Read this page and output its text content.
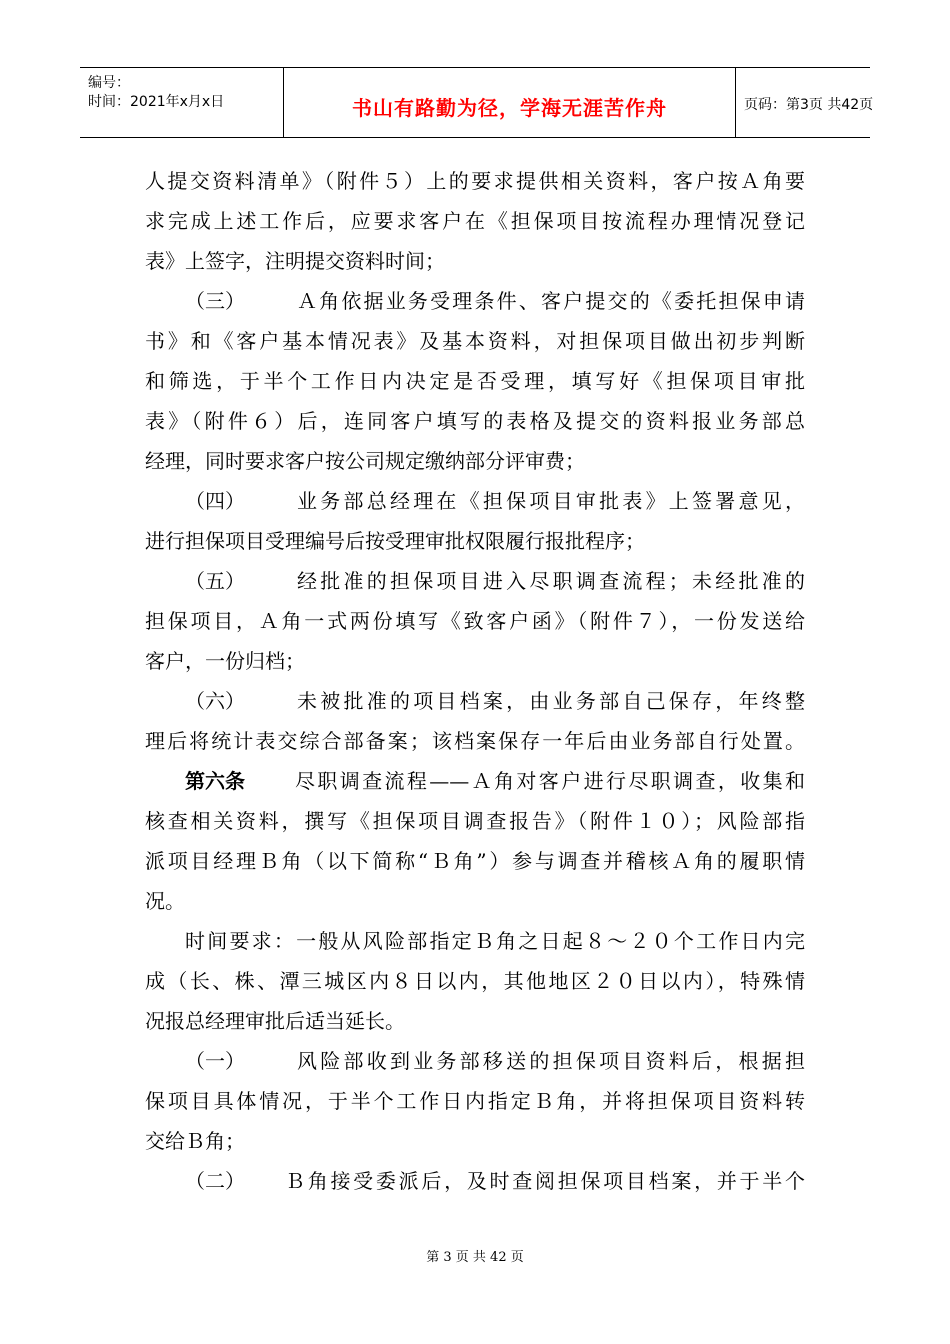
编号：
时间：2021年x月x日	书山有路勤为径，学海无涯苦作舟	页码：第3页 共42页
人提交资料清单》（附件５）上的要求提供相关资料，客户按Ａ角要
求完成上述工作后，应要求客户在《担保项目按流程办理情况登记
表》上签字，注明提交资料时间；
（三）	Ａ角依据业务受理条件、客户提交的《委托担保申请
书》和《客户基本情况表》及基本资料，对担保项目做出初步判断
和筛选，于半个工作日内决定是否受理，填写好《担保项目审批
表》（附件６）后，连同客户填写的表格及提交的资料报业务部总
经理，同时要求客户按公司规定缴纳部分评审费；
（四）	业务部总经理在《担保项目审批表》上签署意见，
进行担保项目受理编号后按受理审批权限履行报批程序；
（五）	经批准的担保项目进入尽职调查流程；未经批准的
担保项目，Ａ角一式两份填写《致客户函》（附件７），一份发送给
客户，一份归档；
（六）	未被批准的项目档案，由业务部自己保存，年终整
理后将统计表交综合部备案；该档案保存一年后由业务部自行处置。
第六条	尽职调查流程——Ａ角对客户进行尽职调查，收集和
核查相关资料，撰写《担保项目调查报告》（附件１０）；风险部指
派项目经理Ｂ角（以下简称“Ｂ角”）参与调查并稽核Ａ角的履职情
况。
时间要求：一般从风险部指定Ｂ角之日起８～２０个工作日内完
成（长、株、潭三城区内８日以内，其他地区２０日以内），特殊情
况报总经理审批后适当延长。
（一）	风险部收到业务部移送的担保项目资料后，根据担
保项目具体情况，于半个工作日内指定Ｂ角，并将担保项目资料转
交给Ｂ角；
（二）	Ｂ角接受委派后，及时查阅担保项目档案，并于半个
第 3 页 共 42 页
